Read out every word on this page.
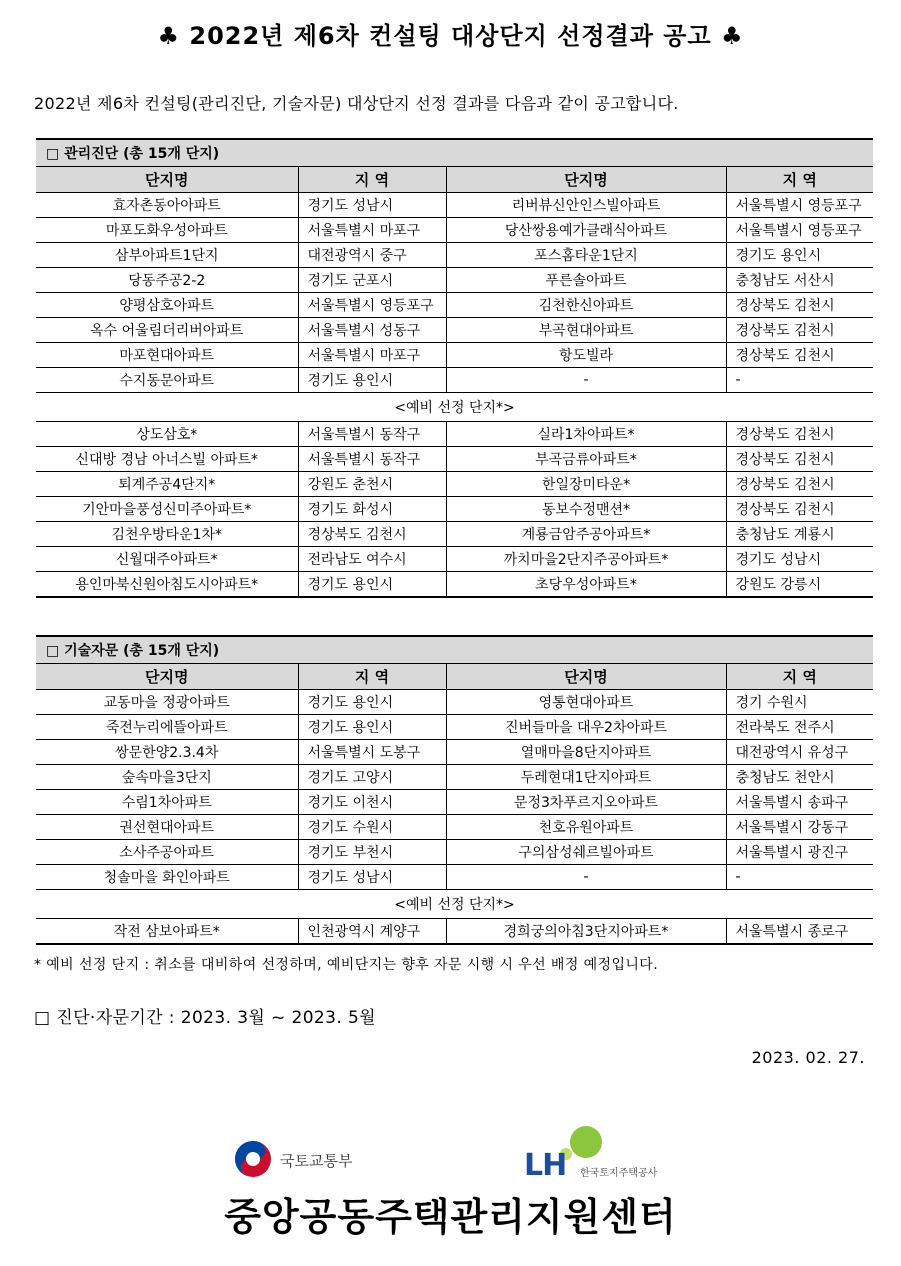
♣ 2022년 제6차 컨설팅 대상단지 선정결과 공고 ♣
2022년 제6차 컨설팅(관리진단, 기술자문) 대상단지 선정 결과를 다음과 같이 공고합니다.
□ 관리진단 (총 15개 단지)			
단지명	지 역	단지명	지 역
효자촌동아아파트	경기도 성남시	리버뷰신안인스빌아파트	서울특별시 영등포구
마포도화우성아파트	서울특별시 마포구	당산쌍용예가클래식아파트	서울특별시 영등포구
삼부아파트1단지	대전광역시 중구	포스홈타운1단지	경기도 용인시
당동주공2-2	경기도 군포시	푸른솔아파트	충청남도 서산시
양평삼호아파트	서울특별시 영등포구	김천한신아파트	경상북도 김천시
옥수 어울림더리버아파트	서울특별시 성동구	부곡현대아파트	경상북도 김천시
마포현대아파트	서울특별시 마포구	항도빌라	경상북도 김천시
수지동문아파트	경기도 용인시	-	-
<예비 선정 단지*>			
상도삼호*	서울특별시 동작구	실라1차아파트*	경상북도 김천시
신대방 경남 아너스빌 아파트*	서울특별시 동작구	부곡금류아파트*	경상북도 김천시
퇴계주공4단지*	강원도 춘천시	한일장미타운*	경상북도 김천시
기안마을풍성신미주아파트*	경기도 화성시	동보수정맨션*	경상북도 김천시
김천우방타운1차*	경상북도 김천시	계룡금암주공아파트*	충청남도 계룡시
신월대주아파트*	전라남도 여수시	까치마을2단지주공아파트*	경기도 성남시
용인마북신원아침도시아파트*	경기도 용인시	초당우성아파트*	강원도 강릉시
□ 기술자문 (총 15개 단지)			
단지명	지 역	단지명	지 역
교동마을 정광아파트	경기도 용인시	영통현대아파트	경기 수원시
죽전누리에뜰아파트	경기도 용인시	진버들마을 대우2차아파트	전라북도 전주시
쌍문한양2.3.4차	서울특별시 도봉구	열매마을8단지아파트	대전광역시 유성구
숲속마을3단지	경기도 고양시	두레현대1단지아파트	충청남도 천안시
수림1차아파트	경기도 이천시	문정3차푸르지오아파트	서울특별시 송파구
권선현대아파트	경기도 수원시	천호유원아파트	서울특별시 강동구
소사주공아파트	경기도 부천시	구의삼성쉐르빌아파트	서울특별시 광진구
청솔마을 화인아파트	경기도 성남시	-	-
<예비 선정 단지*>			
작전 삼보아파트*	인천광역시 계양구	경희궁의아침3단지아파트*	서울특별시 종로구
* 예비 선정 단지 : 취소를 대비하여 선정하며, 예비단지는 향후 자문 시행 시 우선 배정 예정입니다.
□ 진단·자문기간 : 2023. 3월 ~ 2023. 5월
2023. 02. 27.
국토교통부	LH 한국토지주택공사
중앙공동주택관리지원센터
